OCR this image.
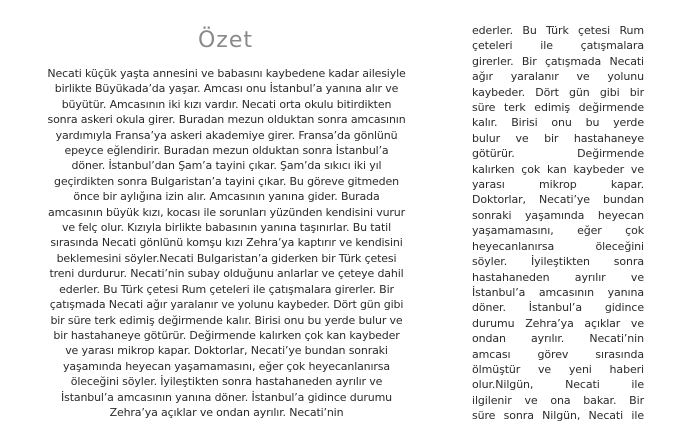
Özet
Necati küçük yaşta annesini ve babasını kaybedene kadar ailesiyle
birlikte Büyükada’da yaşar. Amcası onu İstanbul’a yanına alır ve
büyütür. Amcasının iki kızı vardır. Necati orta okulu bitirdikten
sonra askeri okula girer. Buradan mezun olduktan sonra amcasının
yardımıyla Fransa’ya askeri akademiye girer. Fransa’da gönlünü
epeyce eğlendirir. Buradan mezun olduktan sonra İstanbul’a
döner. İstanbul’dan Şam’a tayini çıkar. Şam’da sıkıcı iki yıl
geçirdikten sonra Bulgaristan’a tayini çıkar. Bu göreve gitmeden
önce bir aylığına izin alır. Amcasının yanına gider. Burada
amcasının büyük kızı, kocası ile sorunları yüzünden kendisini vurur
ve felç olur. Kızıyla birlikte babasının yanına taşınırlar. Bu tatil
sırasında Necati gönlünü komşu kızı Zehra’ya kaptırır ve kendisini
beklemesini söyler.Necati Bulgaristan’a giderken bir Türk çetesi
treni durdurur. Necati’nin subay olduğunu anlarlar ve çeteye dahil
ederler. Bu Türk çetesi Rum çeteleri ile çatışmalara girerler. Bir
çatışmada Necati ağır yaralanır ve yolunu kaybeder. Dört gün gibi
bir süre terk edimiş değirmende kalır. Birisi onu bu yerde bulur ve
bir hastahaneye götürür. Değirmende kalırken çok kan kaybeder
ve yarası mikrop kapar. Doktorlar, Necati’ye bundan sonraki
yaşamında heyecan yaşamamasını, eğer çok heyecanlanırsa
öleceğini söyler. İyileştikten sonra hastahaneden ayrılır ve
İstanbul’a amcasının yanına döner. İstanbul’a gidince durumu
Zehra’ya açıklar ve ondan ayrılır. Necati’nin
ederler. Bu Türk çetesi Rum
çeteleri ile çatışmalara
girerler. Bir çatışmada Necati
ağır yaralanır ve yolunu
kaybeder. Dört gün gibi bir
süre terk edimiş değirmende
kalır. Birisi onu bu yerde
bulur ve bir hastahaneye
götürür. Değirmende
kalırken çok kan kaybeder ve
yarası mikrop kapar.
Doktorlar, Necati’ye bundan
sonraki yaşamında heyecan
yaşamamasını, eğer çok
heyecanlanırsa öleceğini
söyler. İyileştikten sonra
hastahaneden ayrılır ve
İstanbul’a amcasının yanına
döner. İstanbul’a gidince
durumu Zehra’ya açıklar ve
ondan ayrılır. Necati’nin
amcası görev sırasında
ölmüştür ve yeni haberi
olur.Nilgün, Necati ile
ilgilenir ve ona bakar. Bir
süre sonra Nilgün, Necati ile
